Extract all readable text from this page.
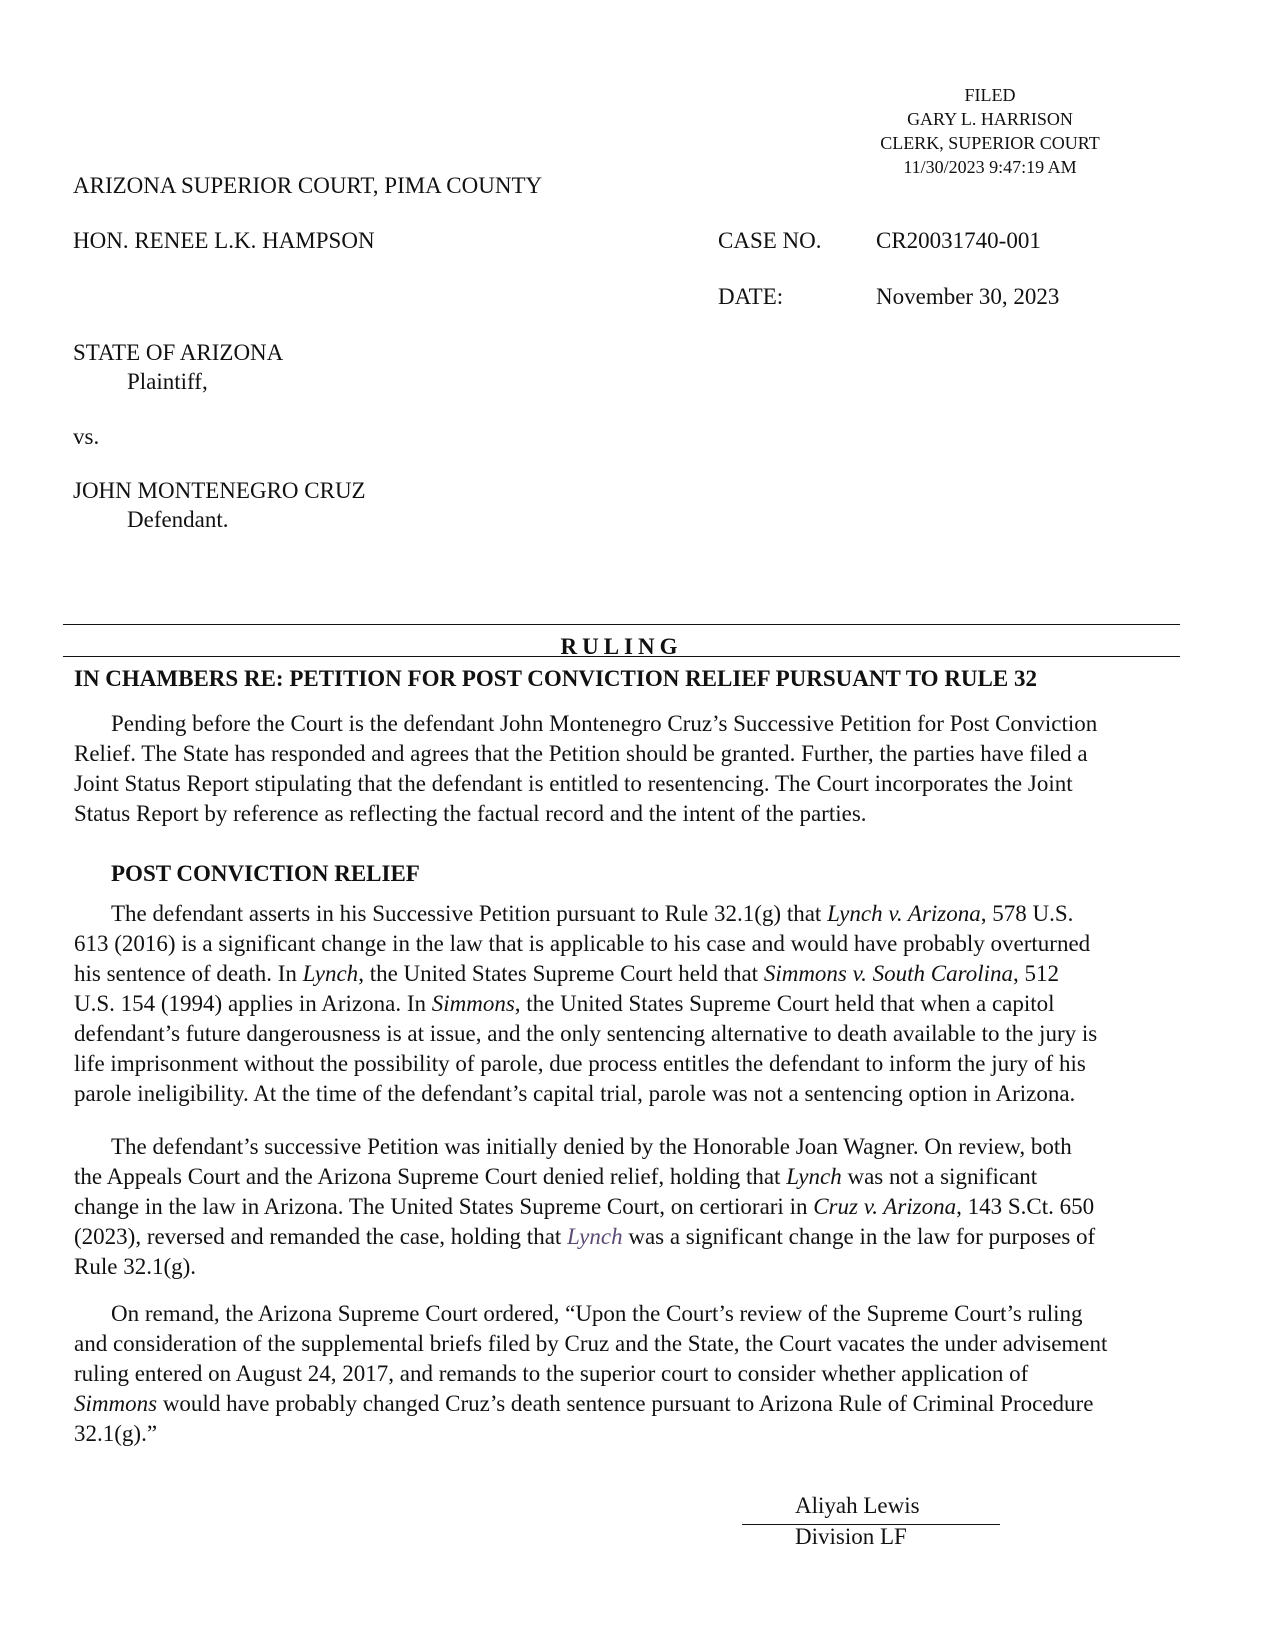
FILED
GARY L. HARRISON
CLERK, SUPERIOR COURT
11/30/2023 9:47:19 AM
ARIZONA SUPERIOR COURT, PIMA COUNTY
HON. RENEE L.K. HAMPSON	CASE NO. CR20031740-001
DATE:	November 30, 2023
STATE OF ARIZONA
Plaintiff,
vs.
JOHN MONTENEGRO CRUZ
Defendant.
RULING
IN CHAMBERS RE: PETITION FOR POST CONVICTION RELIEF PURSUANT TO RULE 32
Pending before the Court is the defendant John Montenegro Cruz’s Successive Petition for Post Conviction
Relief. The State has responded and agrees that the Petition should be granted. Further, the parties have filed a
Joint Status Report stipulating that the defendant is entitled to resentencing. The Court incorporates the Joint
Status Report by reference as reflecting the factual record and the intent of the parties.
POST CONVICTION RELIEF
The defendant asserts in his Successive Petition pursuant to Rule 32.1(g) that Lynch v. Arizona, 578 U.S.
613 (2016) is a significant change in the law that is applicable to his case and would have probably overturned
his sentence of death. In Lynch, the United States Supreme Court held that Simmons v. South Carolina, 512
U.S. 154 (1994) applies in Arizona. In Simmons, the United States Supreme Court held that when a capitol
defendant’s future dangerousness is at issue, and the only sentencing alternative to death available to the jury is
life imprisonment without the possibility of parole, due process entitles the defendant to inform the jury of his
parole ineligibility. At the time of the defendant’s capital trial, parole was not a sentencing option in Arizona.
The defendant’s successive Petition was initially denied by the Honorable Joan Wagner. On review, both
the Appeals Court and the Arizona Supreme Court denied relief, holding that Lynch was not a significant
change in the law in Arizona. The United States Supreme Court, on certiorari in Cruz v. Arizona, 143 S.Ct. 650
(2023), reversed and remanded the case, holding that Lynch was a significant change in the law for purposes of
Rule 32.1(g).
On remand, the Arizona Supreme Court ordered, “Upon the Court’s review of the Supreme Court’s ruling
and consideration of the supplemental briefs filed by Cruz and the State, the Court vacates the under advisement
ruling entered on August 24, 2017, and remands to the superior court to consider whether application of
Simmons would have probably changed Cruz’s death sentence pursuant to Arizona Rule of Criminal Procedure
32.1(g).”
Aliyah Lewis
Division LF
